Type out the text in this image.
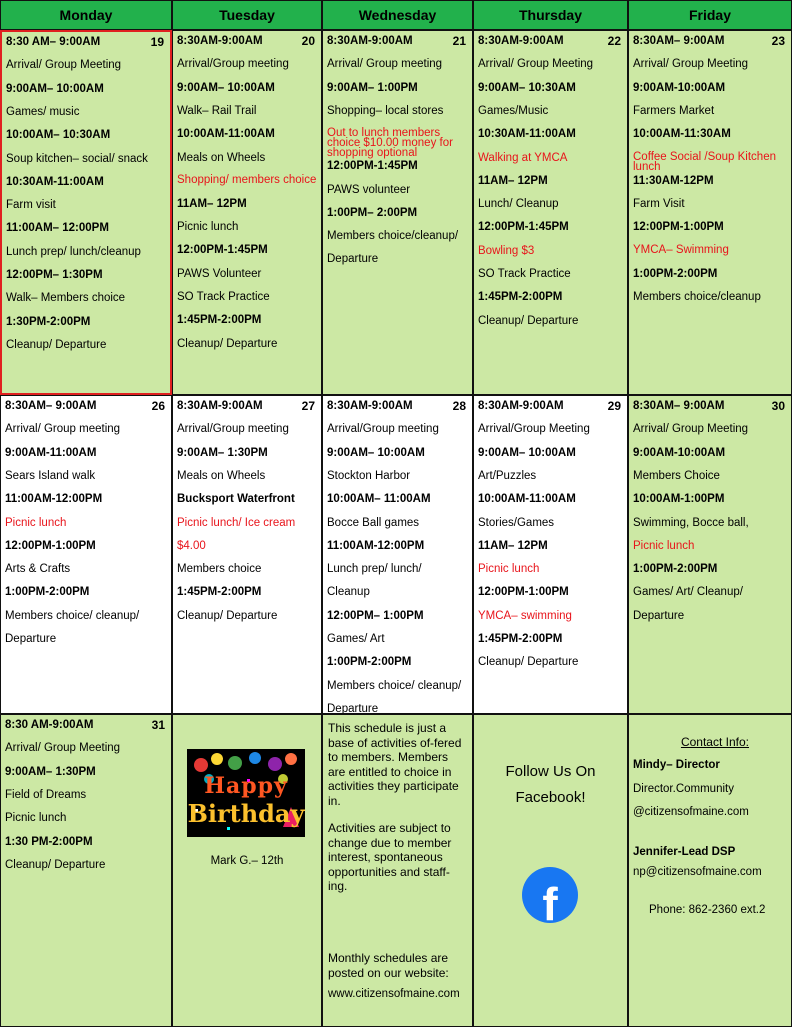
Monday	Tuesday	Wednesday	Thursday	Friday
19
8:30 AM– 9:00AM
Arrival/ Group Meeting
9:00AM– 10:00AM
Games/ music
10:00AM– 10:30AM
Soup kitchen– social/ snack
10:30AM-11:00AM
Farm visit
11:00AM– 12:00PM
Lunch prep/ lunch/cleanup
12:00PM– 1:30PM
Walk– Members choice
1:30PM-2:00PM
Cleanup/ Departure
20
8:30AM-9:00AM
Arrival/Group meeting
9:00AM– 10:00AM
Walk– Rail Trail
10:00AM-11:00AM
Meals on Wheels
Shopping/ members choice
11AM– 12PM
Picnic lunch
12:00PM-1:45PM
PAWS Volunteer
SO Track Practice
1:45PM-2:00PM
Cleanup/ Departure
21
8:30AM-9:00AM
Arrival/ Group meeting
9:00AM– 1:00PM
Shopping– local stores
Out to lunch members choice $10.00 money for shopping optional
12:00PM-1:45PM
PAWS volunteer
1:00PM– 2:00PM
Members choice/cleanup/
Departure
22
8:30AM-9:00AM
Arrival/ Group Meeting
9:00AM– 10:30AM
Games/Music
10:30AM-11:00AM
Walking at YMCA
11AM– 12PM
Lunch/ Cleanup
12:00PM-1:45PM
Bowling $3
SO Track Practice
1:45PM-2:00PM
Cleanup/ Departure
23
8:30AM– 9:00AM
Arrival/ Group Meeting
9:00AM-10:00AM
Farmers Market
10:00AM-11:30AM
Coffee Social /Soup Kitchen lunch
11:30AM-12PM
Farm Visit
12:00PM-1:00PM
YMCA– Swimming
1:00PM-2:00PM
Members choice/cleanup
26
8:30AM– 9:00AM
Arrival/ Group meeting
9:00AM-11:00AM
Sears Island walk
11:00AM-12:00PM
Picnic lunch
12:00PM-1:00PM
Arts & Crafts
1:00PM-2:00PM
Members choice/ cleanup/
Departure
27
8:30AM-9:00AM
Arrival/Group meeting
9:00AM– 1:30PM
Meals on Wheels
Bucksport Waterfront
Picnic lunch/ Ice cream
$4.00
Members choice
1:45PM-2:00PM
Cleanup/ Departure
28
8:30AM-9:00AM
Arrival/Group meeting
9:00AM– 10:00AM
Stockton Harbor
10:00AM– 11:00AM
Bocce Ball games
11:00AM-12:00PM
Lunch prep/ lunch/
Cleanup
12:00PM– 1:00PM
Games/ Art
1:00PM-2:00PM
Members choice/ cleanup/
Departure
29
8:30AM-9:00AM
Arrival/Group Meeting
9:00AM– 10:00AM
Art/Puzzles
10:00AM-11:00AM
Stories/Games
11AM– 12PM
Picnic lunch
12:00PM-1:00PM
YMCA– swimming
1:45PM-2:00PM
Cleanup/ Departure
30
8:30AM– 9:00AM
Arrival/ Group Meeting
9:00AM-10:00AM
Members Choice
10:00AM-1:00PM
Swimming, Bocce ball,
Picnic lunch
1:00PM-2:00PM
Games/ Art/ Cleanup/
Departure
31
8:30 AM-9:00AM
Arrival/ Group Meeting
9:00AM– 1:30PM
Field of Dreams
Picnic lunch
1:30 PM-2:00PM
Cleanup/ Departure
Happy
Birthday
Mark G.– 12th
This schedule is just a base of activities of-fered to members. Members are entitled to choice in activities they participate in.
Activities are subject to change due to member interest, spontaneous opportunities and staff-ing.
Monthly schedules are posted on our website:
www.citizensofmaine.com
Follow Us On
Facebook!
f
Contact Info:
Mindy– Director
Director.Community
@citizensofmaine.com
Jennifer-Lead DSP
np@citizensofmaine.com
Phone: 862-2360 ext.2
